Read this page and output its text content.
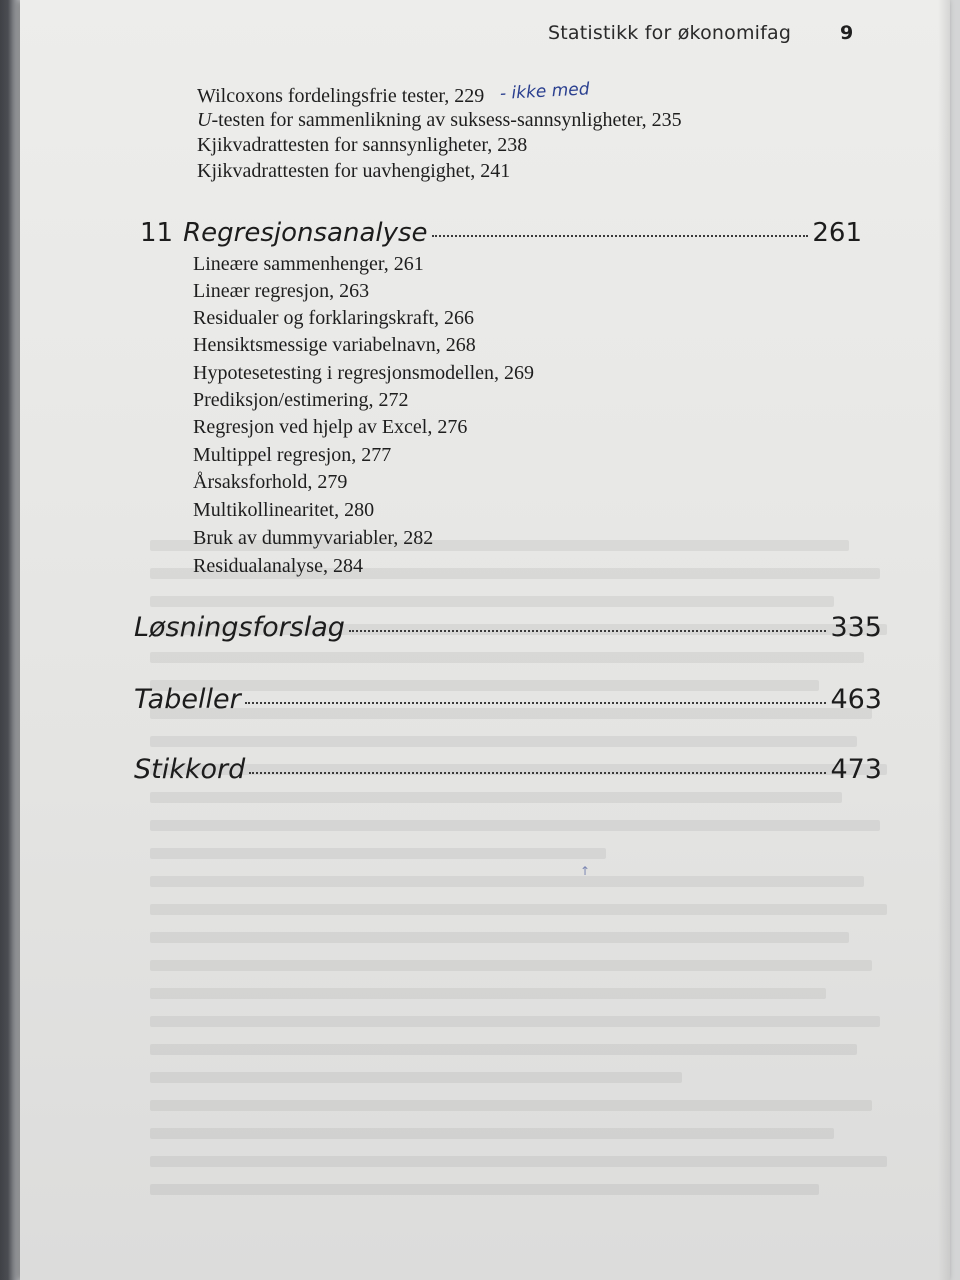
Statistikk for økonomifag	9
Wilcoxons fordelingsfrie tester, 229
U-testen for sammenlikning av suksess-sannsynligheter, 235
Kjikvadrattesten for sannsynligheter, 238
Kjikvadrattesten for uavhengighet, 241
- ikke med
11 Regresjonsanalyse	261
Lineære sammenhenger, 261
Lineær regresjon, 263
Residualer og forklaringskraft, 266
Hensiktsmessige variabelnavn, 268
Hypotesetesting i regresjonsmodellen, 269
Prediksjon/estimering, 272
Regresjon ved hjelp av Excel, 276
Multippel regresjon, 277
Årsaksforhold, 279
Multikollinearitet, 280
Bruk av dummyvariabler, 282
Residualanalyse, 284
Løsningsforslag	335
Tabeller	463
Stikkord	473
↑
